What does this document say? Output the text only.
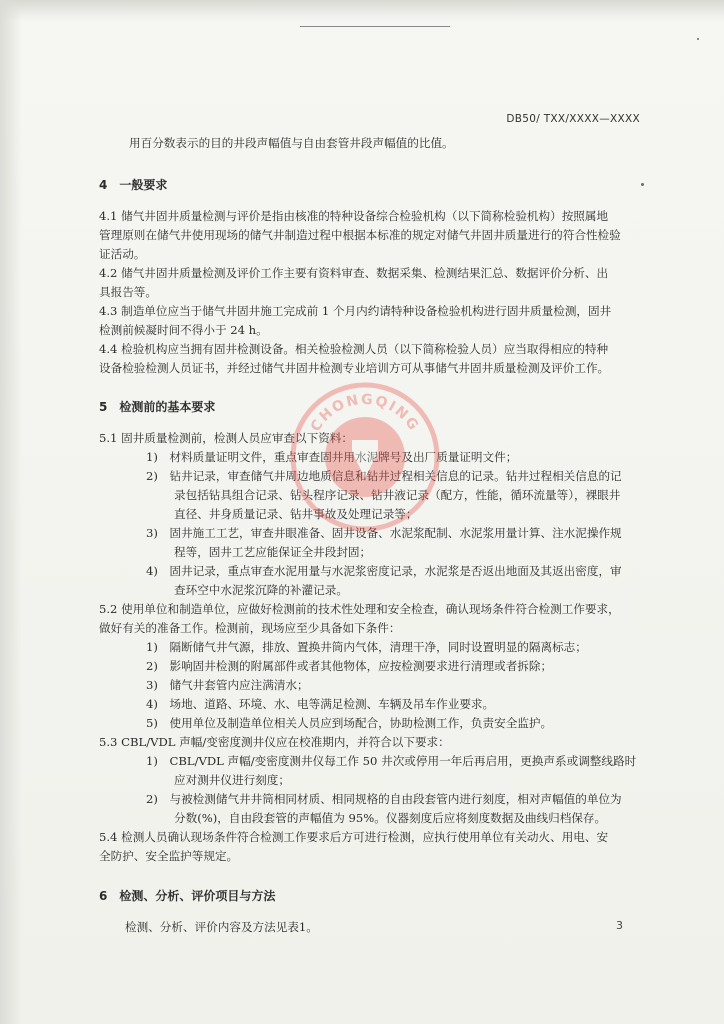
DB50/ TXX/XXXX—XXXX
用百分数表示的目的井段声幅值与自由套管井段声幅值的比值。
4　一般要求
4.1 储气井固井质量检测与评价是指由核准的特种设备综合检验机构（以下简称检验机构）按照属地
管理原则在储气井使用现场的储气井制造过程中根据本标准的规定对储气井固井质量进行的符合性检验
证活动。
4.2 储气井固井质量检测及评价工作主要有资料审查、数据采集、检测结果汇总、数据评价分析、出
具报告等。
4.3 制造单位应当于储气井固井施工完成前 1 个月内约请特种设备检验机构进行固井质量检测，固井
检测前候凝时间不得小于 24 h。
4.4 检验机构应当拥有固井检测设备。相关检验检测人员（以下简称检验人员）应当取得相应的特种
设备检验检测人员证书，并经过储气井固井检测专业培训方可从事储气井固井质量检测及评价工作。
5　检测前的基本要求
5.1 固井质量检测前，检测人员应审查以下资料：
1)　材料质量证明文件，重点审查固井用水泥牌号及出厂质量证明文件；
2)　钻井记录，审查储气井周边地质信息和钻井过程相关信息的记录。钻井过程相关信息的记
录包括钻具组合记录、钻头程序记录、钻井液记录（配方，性能，循环流量等），裸眼井
直径、井身质量记录、钻井事故及处理记录等；
3)　固井施工工艺，审查井眼准备、固井设备、水泥浆配制、水泥浆用量计算、注水泥操作规
程等，固井工艺应能保证全井段封固；
4)　固井记录，重点审查水泥用量与水泥浆密度记录，水泥浆是否返出地面及其返出密度，审
查环空中水泥浆沉降的补灌记录。
5.2 使用单位和制造单位，应做好检测前的技术性处理和安全检查，确认现场条件符合检测工作要求，
做好有关的准备工作。检测前，现场应至少具备如下条件：
1)　隔断储气井气源，排放、置换井筒内气体，清理干净，同时设置明显的隔离标志；
2)　影响固井检测的附属部件或者其他物体，应按检测要求进行清理或者拆除；
3)　储气井套管内应注满清水；
4)　场地、道路、环境、水、电等满足检测、车辆及吊车作业要求。
5)　使用单位及制造单位相关人员应到场配合，协助检测工作，负责安全监护。
5.3 CBL/VDL 声幅/变密度测井仪应在校准期内，并符合以下要求：
1)　CBL/VDL 声幅/变密度测井仪每工作 50 井次或停用一年后再启用，更换声系或调整线路时
应对测井仪进行刻度；
2)　与被检测储气井井筒相同材质、相同规格的自由段套管内进行刻度，相对声幅值的单位为
分数(%)，自由段套管的声幅值为 95%。仪器刻度后应将刻度数据及曲线归档保存。
5.4 检测人员确认现场条件符合检测工作要求后方可进行检测，应执行使用单位有关动火、用电、安
全防护、安全监护等规定。
6　检测、分析、评价项目与方法
检测、分析、评价内容及方法见表1。	3
CHONGQING
